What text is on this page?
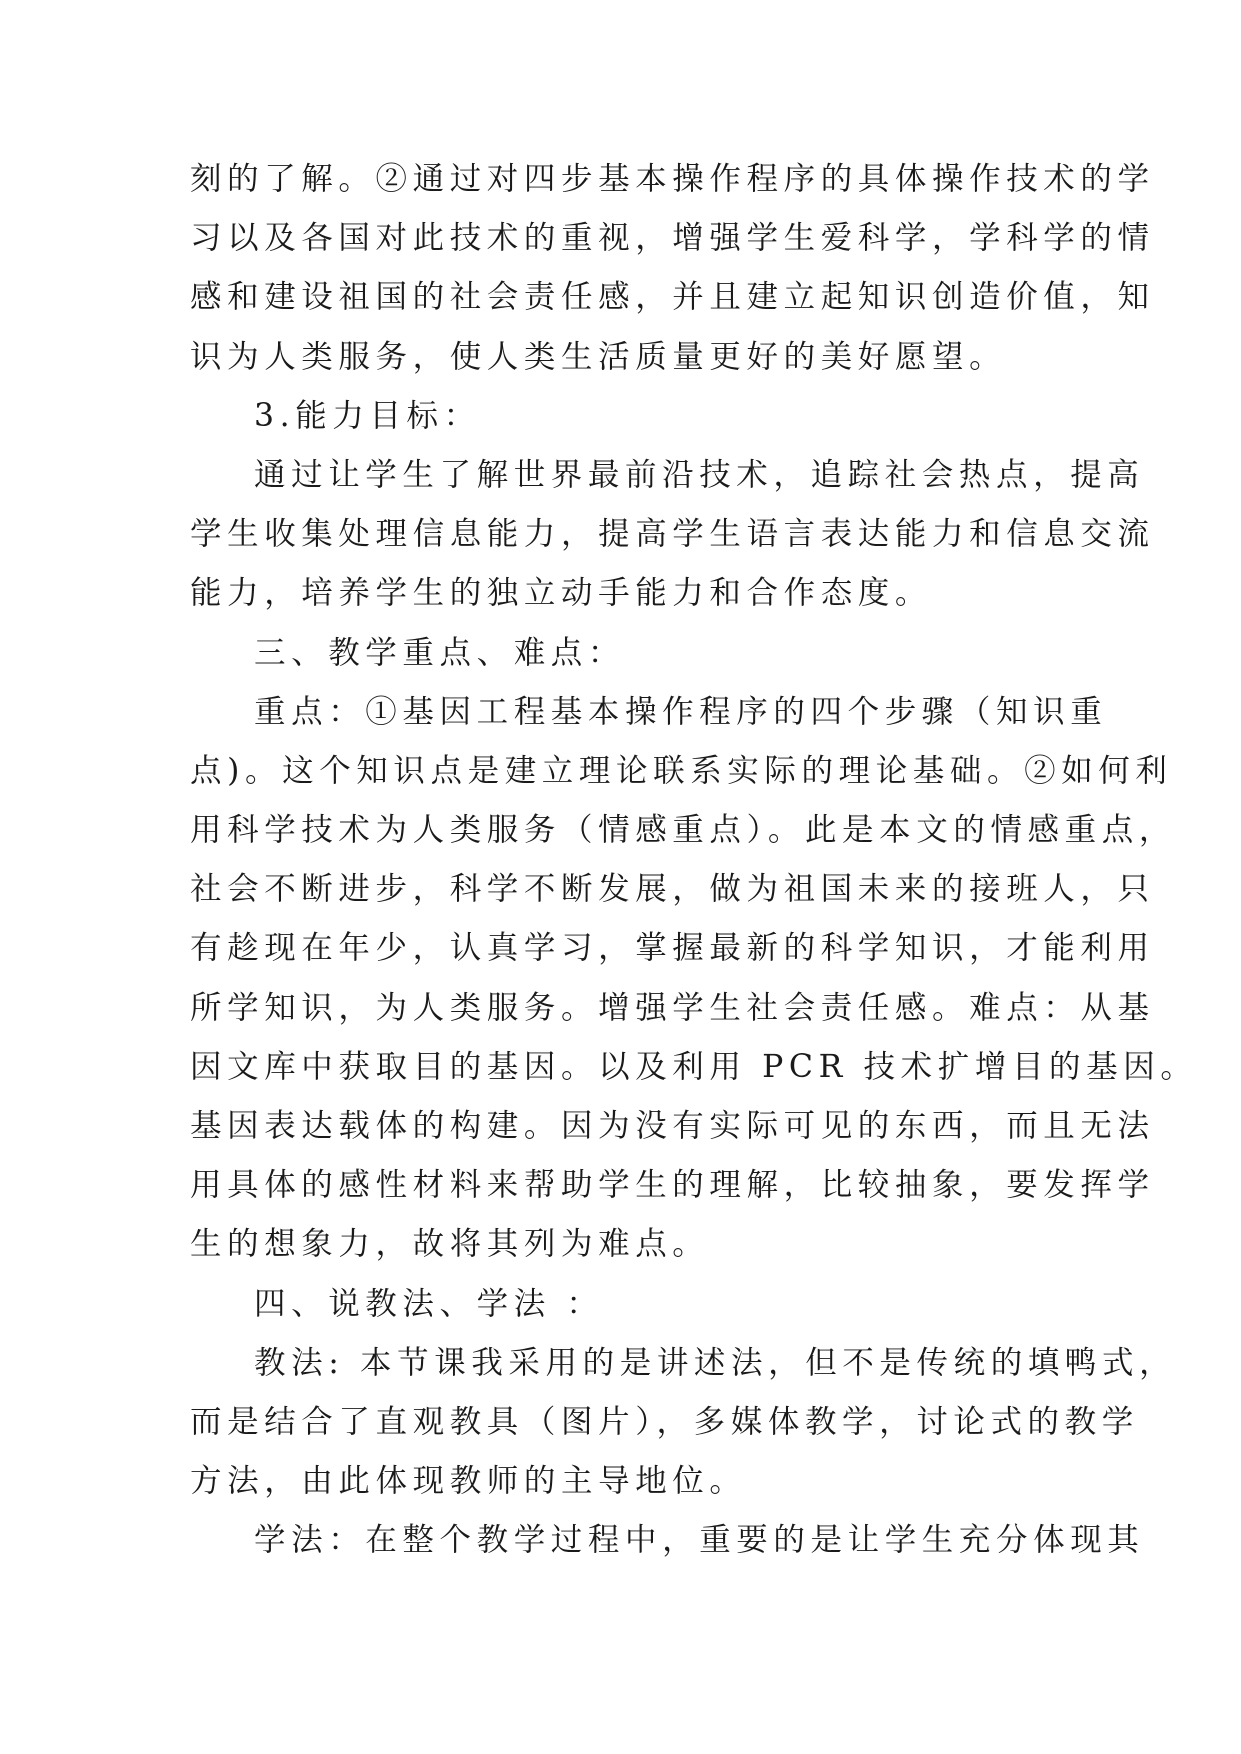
刻的了解。②通过对四步基本操作程序的具体操作技术的学
习以及各国对此技术的重视，增强学生爱科学，学科学的情
感和建设祖国的社会责任感，并且建立起知识创造价值，知
识为人类服务，使人类生活质量更好的美好愿望。
3.能力目标：
通过让学生了解世界最前沿技术，追踪社会热点，提高
学生收集处理信息能力，提高学生语言表达能力和信息交流
能力，培养学生的独立动手能力和合作态度。
三、教学重点、难点：
重点：①基因工程基本操作程序的四个步骤（知识重
点)。这个知识点是建立理论联系实际的理论基础。②如何利
用科学技术为人类服务（情感重点）。此是本文的情感重点，
社会不断进步，科学不断发展，做为祖国未来的接班人，只
有趁现在年少，认真学习，掌握最新的科学知识，才能利用
所学知识，为人类服务。增强学生社会责任感。难点：从基
因文库中获取目的基因。以及利用 PCR 技术扩增目的基因。
基因表达载体的构建。因为没有实际可见的东西，而且无法
用具体的感性材料来帮助学生的理解，比较抽象，要发挥学
生的想象力，故将其列为难点。
四、说教法、学法 ：
教法: 本节课我采用的是讲述法，但不是传统的填鸭式，
而是结合了直观教具（图片），多媒体教学，讨论式的教学
方法，由此体现教师的主导地位。
学法：在整个教学过程中，重要的是让学生充分体现其
